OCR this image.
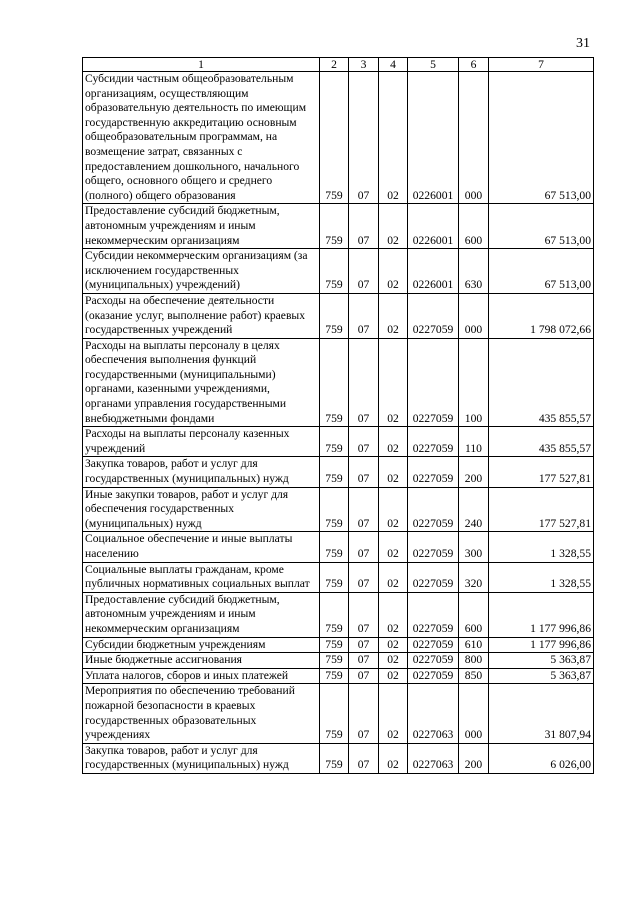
31
1	2	3	4	5	6	7
Субсидии частным общеобразовательным организациям, осуществляющим образовательную деятельность по имеющим государственную аккредитацию основным общеобразовательным программам, на возмещение затрат, связанных с предоставлением дошкольного, начального общего, основного общего и среднего (полного) общего образования	759	07	02	0226001	000	67 513,00
Предоставление субсидий бюджетным, автономным учреждениям и иным некоммерческим организациям	759	07	02	0226001	600	67 513,00
Субсидии некоммерческим организациям (за исключением государственных (муниципальных) учреждений)	759	07	02	0226001	630	67 513,00
Расходы на обеспечение деятельности (оказание услуг, выполнение работ) краевых государственных учреждений	759	07	02	0227059	000	1 798 072,66
Расходы на выплаты персоналу в целях обеспечения выполнения функций государственными (муниципальными) органами, казенными учреждениями, органами управления государственными внебюджетными фондами	759	07	02	0227059	100	435 855,57
Расходы на выплаты персоналу казенных учреждений	759	07	02	0227059	110	435 855,57
Закупка товаров, работ и услуг для государственных (муниципальных) нужд	759	07	02	0227059	200	177 527,81
Иные закупки товаров, работ и услуг для обеспечения государственных (муниципальных) нужд	759	07	02	0227059	240	177 527,81
Социальное обеспечение и иные выплаты населению	759	07	02	0227059	300	1 328,55
Социальные выплаты гражданам, кроме публичных нормативных социальных выплат	759	07	02	0227059	320	1 328,55
Предоставление субсидий бюджетным, автономным учреждениям и иным некоммерческим организациям	759	07	02	0227059	600	1 177 996,86
Субсидии бюджетным учреждениям	759	07	02	0227059	610	1 177 996,86
Иные бюджетные ассигнования	759	07	02	0227059	800	5 363,87
Уплата налогов, сборов и иных платежей	759	07	02	0227059	850	5 363,87
Мероприятия по обеспечению требований пожарной безопасности в краевых государственных образовательных учреждениях	759	07	02	0227063	000	31 807,94
Закупка товаров, работ и услуг для государственных (муниципальных) нужд	759	07	02	0227063	200	6 026,00
